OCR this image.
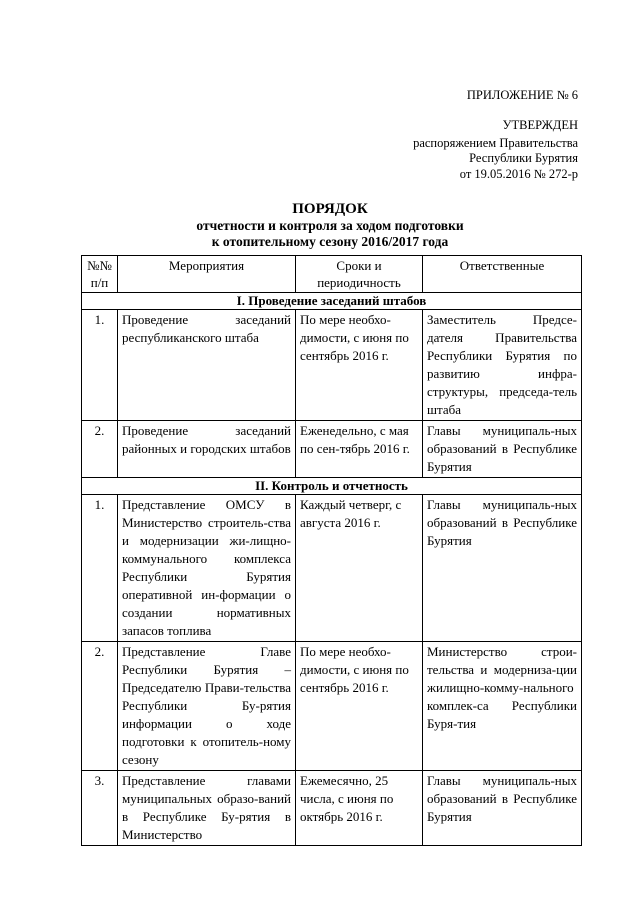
ПРИЛОЖЕНИЕ № 6
УТВЕРЖДЕН
распоряжением Правительства
Республики Бурятия
от 19.05.2016 № 272-р
ПОРЯДОК
отчетности и контроля за ходом подготовки
к отопительному сезону 2016/2017 года
№№ п/п	Мероприятия	Сроки и периодичность	Ответственные
I. Проведение заседаний штабов			
1.	Проведение заседаний республиканского штаба	По мере необхо-димости, с июня по сентябрь 2016 г.	Заместитель Предсе-дателя Правительства Республики Бурятия по развитию инфра-структуры, председа-тель штаба
2.	Проведение заседаний районных и городских штабов	Еженедельно, с мая по сен-тябрь 2016 г.	Главы муниципаль-ных образований в Республике Бурятия
II. Контроль и отчетность			
1.	Представление ОМСУ в Министерство строитель-ства и модернизации жи-лищно-коммунального комплекса Республики Бурятия оперативной ин-формации о создании нормативных запасов топлива	Каждый четверг, с августа 2016 г.	Главы муниципаль-ных образований в Республике Бурятия
2.	Представление Главе Республики Бурятия – Председателю Прави-тельства Республики Бу-рятия информации о ходе подготовки к отопитель-ному сезону	По мере необхо-димости, с июня по сентябрь 2016 г.	Министерство строи-тельства и модерниза-ции жилищно-комму-нального комплек-са Республики Буря-тия
3.	Представление главами муниципальных образо-ваний в Республике Бу-рятия в Министерство	Ежемесячно, 25 числа, с июня по октябрь 2016 г.	Главы муниципаль-ных образований в Республике Бурятия
